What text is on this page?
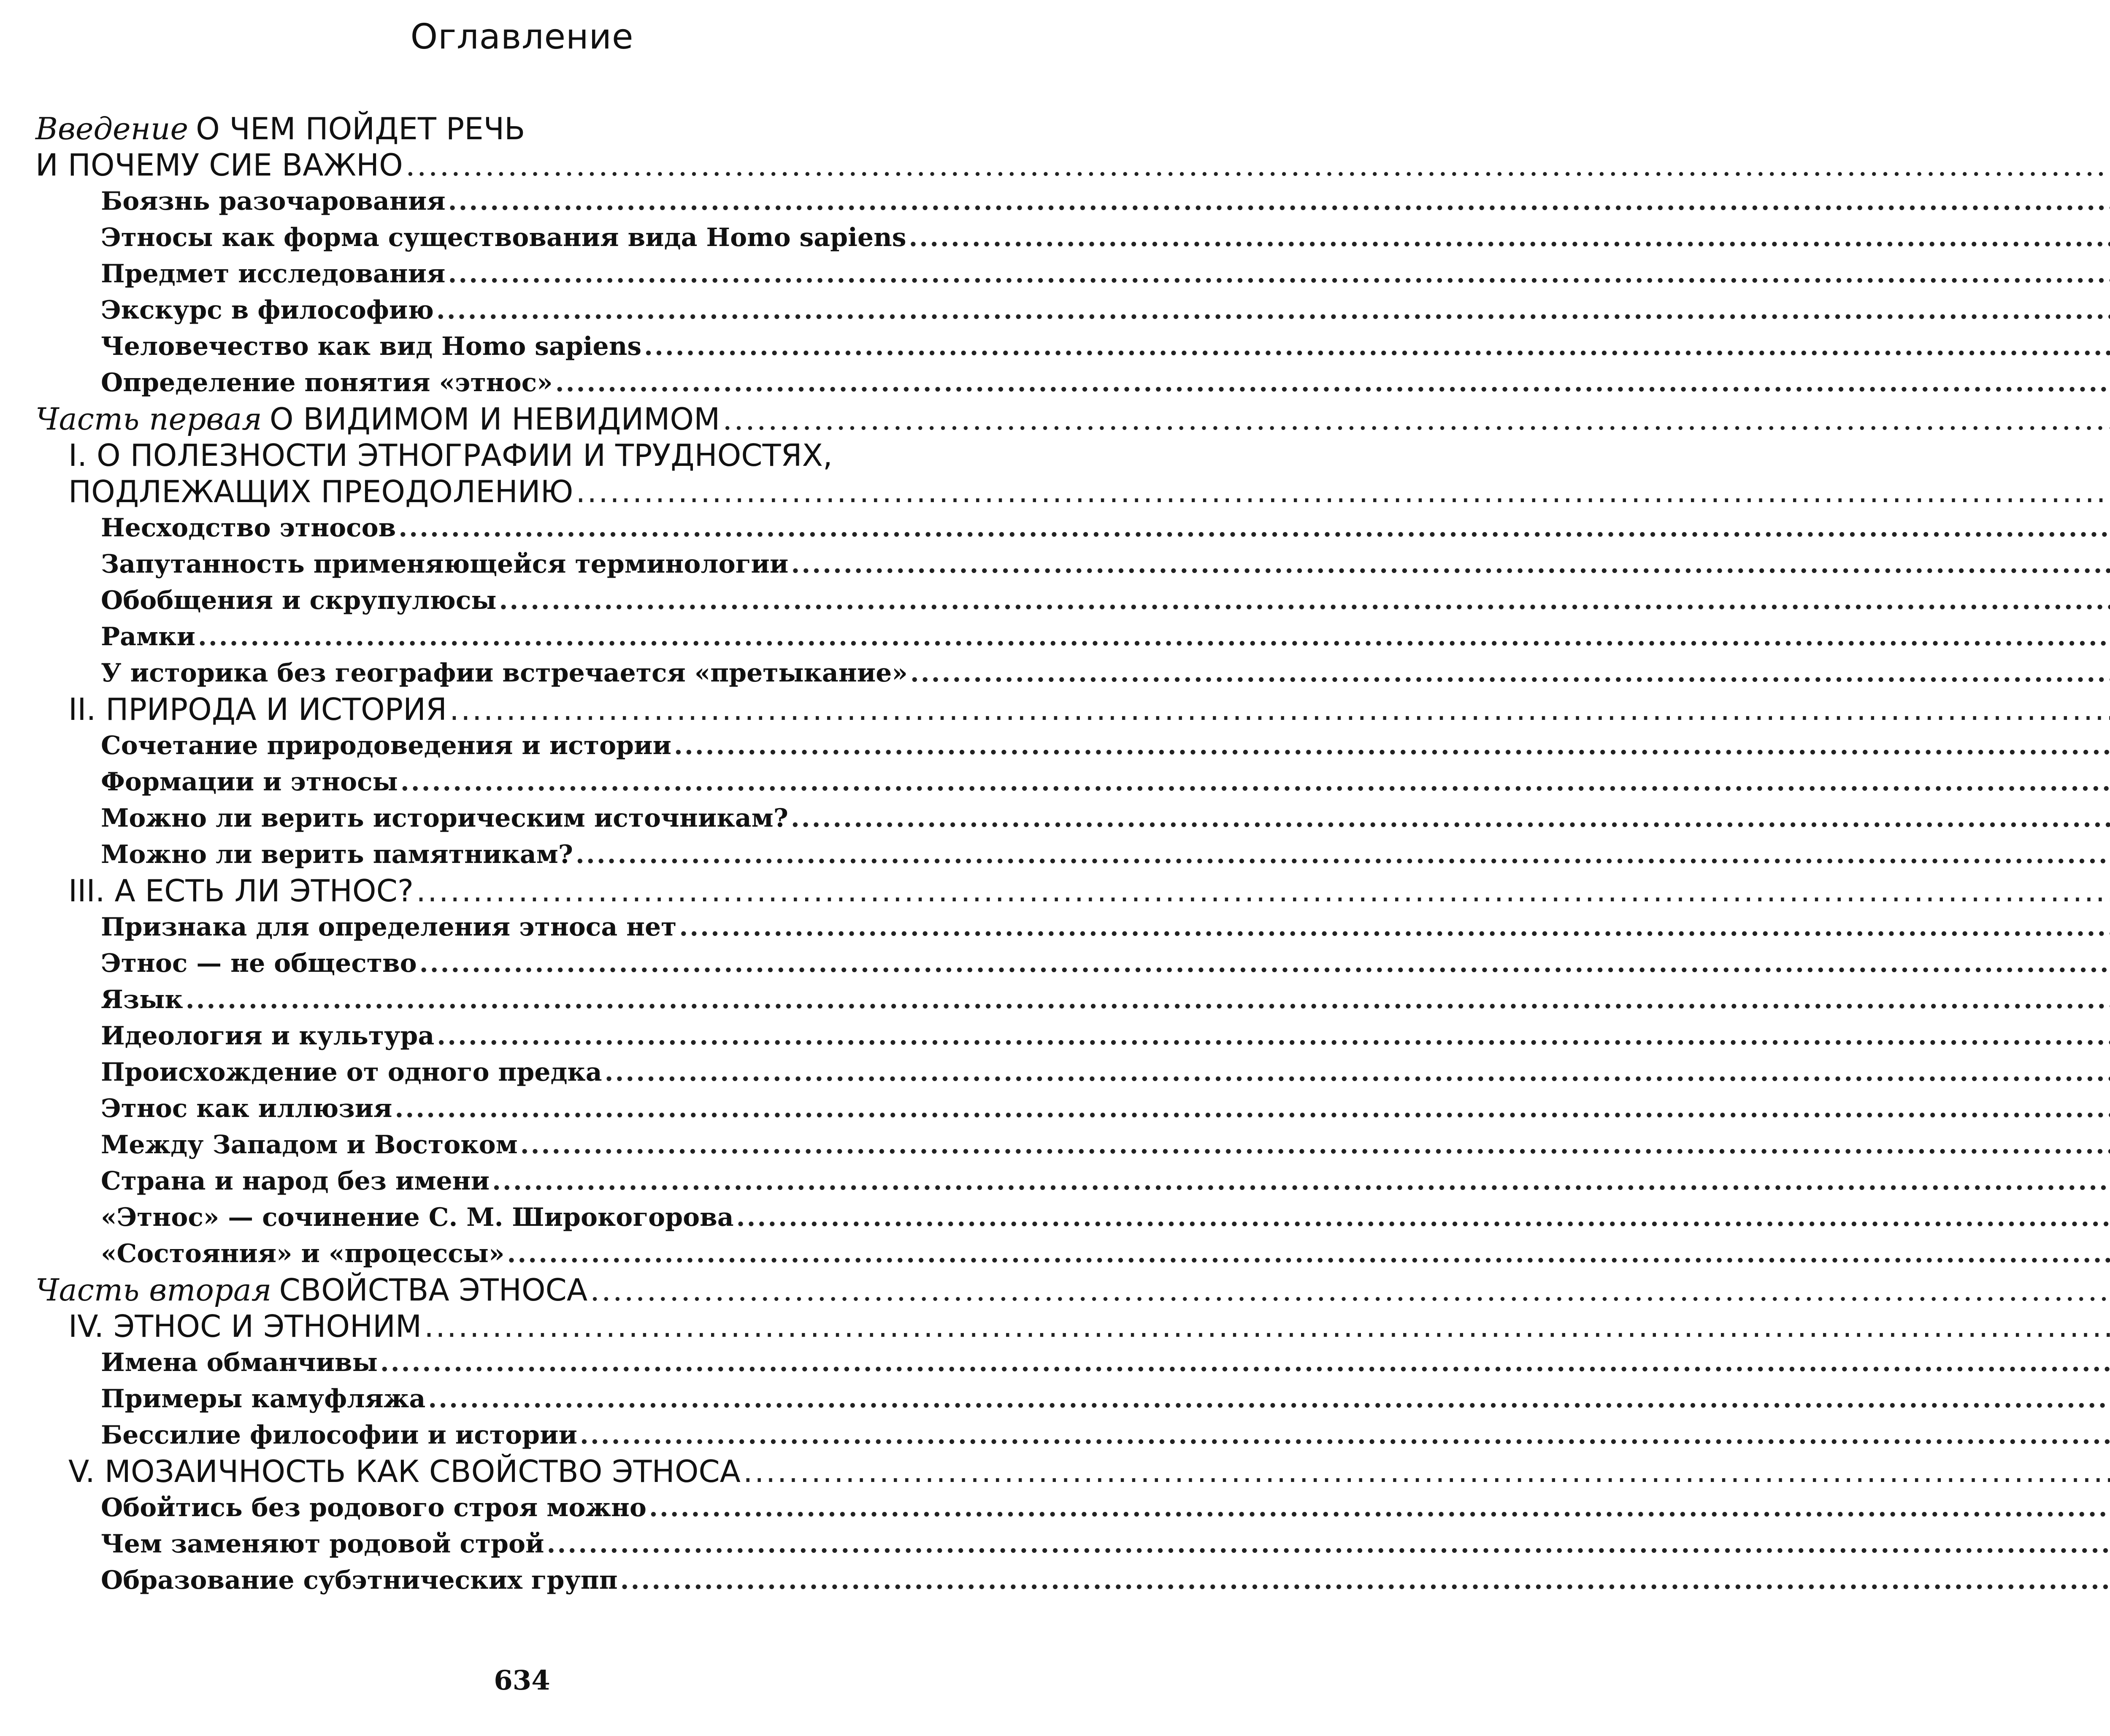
Оглавление
Введение О ЧЕМ ПОЙДЕТ РЕЧЬ
И ПОЧЕМУ СИЕ ВАЖНО
.....
Боязнь разочарования
.....
Этносы как форма существования вида Homo sapiens
.....
Предмет исследования
.....
Экскурс в философию
.....
Человечество как вид Homo sapiens
.....
Определение понятия «этнос»
.....
Часть первая О ВИДИМОМ И НЕВИДИМОМ
.....
I. О ПОЛЕЗНОСТИ ЭТНОГРАФИИ И ТРУДНОСТЯХ,
ПОДЛЕЖАЩИХ ПРЕОДОЛЕНИЮ
.....
Несходство этносов
.....
Запутанность применяющейся терминологии
.....
Обобщения и скрупулюсы
.....
Рамки
.....
У историка без географии встречается «претыкание»
.....
II. ПРИРОДА И ИСТОРИЯ
.....
Сочетание природоведения и истории
.....
Формации и этносы
.....
Можно ли верить историческим источникам?
.....
Можно ли верить памятникам?
.....
III. А ЕСТЬ ЛИ ЭТНОС?
.....
Признака для определения этноса нет
.....
Этнос — не общество
.....
Язык
.....
Идеология и культура
.....
Происхождение от одного предка
.....
Этнос как иллюзия
.....
Между Западом и Востоком
.....
Страна и народ без имени
.....
«Этнос» — сочинение С. М. Широкогорова
.....
«Состояния» и «процессы»
.....
Часть вторая СВОЙСТВА ЭТНОСА
.....
IV. ЭТНОС И ЭТНОНИМ
.....
Имена обманчивы
.....
Примеры камуфляжа
.....
Бессилие философии и истории
.....
V. МОЗАИЧНОСТЬ КАК СВОЙСТВО ЭТНОСА
.....
Обойтись без родового строя можно
.....
Чем заменяют родовой строй
.....
Образование субэтнических групп
.....
634
